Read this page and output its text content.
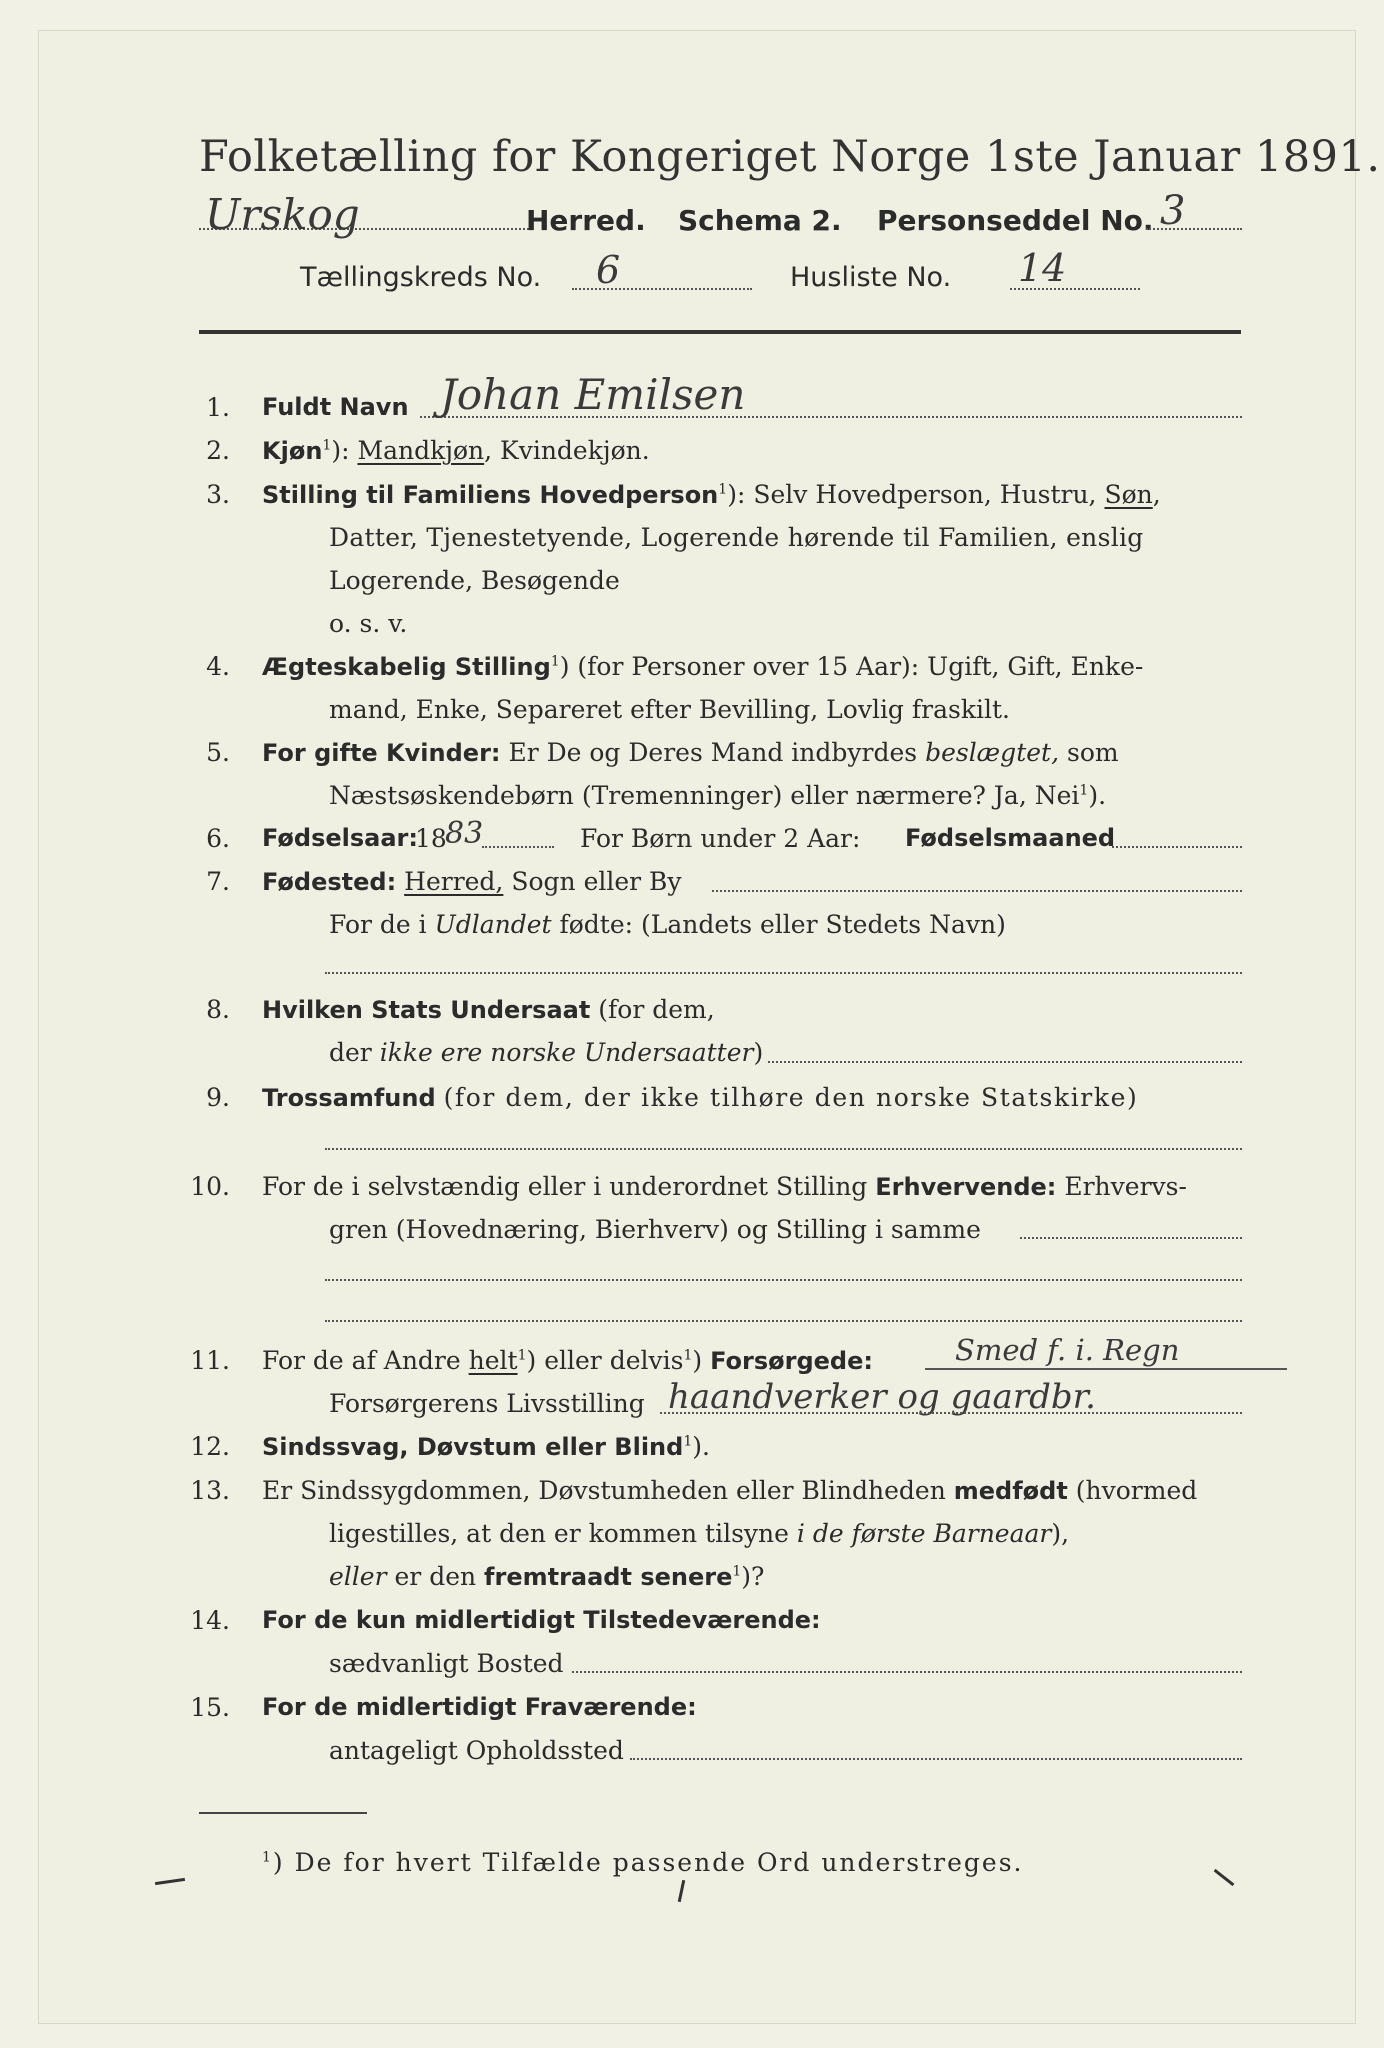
Folketælling for Kongeriget Norge 1ste Januar 1891.
Urskog	Herred. Schema 2. Personseddel No. 3
Tællingskreds No. 6	Husliste No. 14
1. Fuldt Navn Johan Emilsen
2. Kjøn$^1$): Mandkjøn, Kvindekjøn.
3. Stilling til Familiens Hovedperson$^1$): Selv Hovedperson, Hustru, Søn,
Datter, Tjenestetyende, Logerende hørende til Familien, enslig
Logerende, Besøgende
o. s. v.
4. Ægteskabelig Stilling$^1$) (for Personer over 15 Aar): Ugift, Gift, Enke-
mand, Enke, Separeret efter Bevilling, Lovlig fraskilt.
5. For gifte Kvinder: Er De og Deres Mand indbyrdes beslægtet, som
Næstsøskendebørn (Tremenninger) eller nærmere? Ja, Nei$^1$).
6. Fødselsaar:
18
83	For Børn under 2 Aar: Fødselsmaaned
7. Fødested: Herred, Sogn eller By
For de i Udlandet fødte: (Landets eller Stedets Navn)
8. Hvilken Stats Undersaat (for dem,
der ikke ere norske Undersaatter)
9. Trossamfund (for dem, der ikke tilhøre den norske Statskirke)
10. For de i selvstændig eller i underordnet Stilling Erhvervende: Erhvervs-
gren (Hovednæring, Bierhverv) og Stilling i samme
11. For de af Andre helt$^1$) eller delvis$^1$) Forsørgede:	Smed f. i. Regn
Forsørgerens Livsstilling haandverker og gaardbr.
12. Sindssvag, Døvstum eller Blind$^1$).
13. Er Sindssygdommen, Døvstumheden eller Blindheden medfødt (hvormed
ligestilles, at den er kommen tilsyne i de første Barneaar),
eller er den fremtraadt senere$^1$)?
14. For de kun midlertidigt Tilstedeværende:
sædvanligt Bosted
15. For de midlertidigt Fraværende:
antageligt Opholdssted
$^1$) De for hvert Tilfælde passende Ord understreges.
